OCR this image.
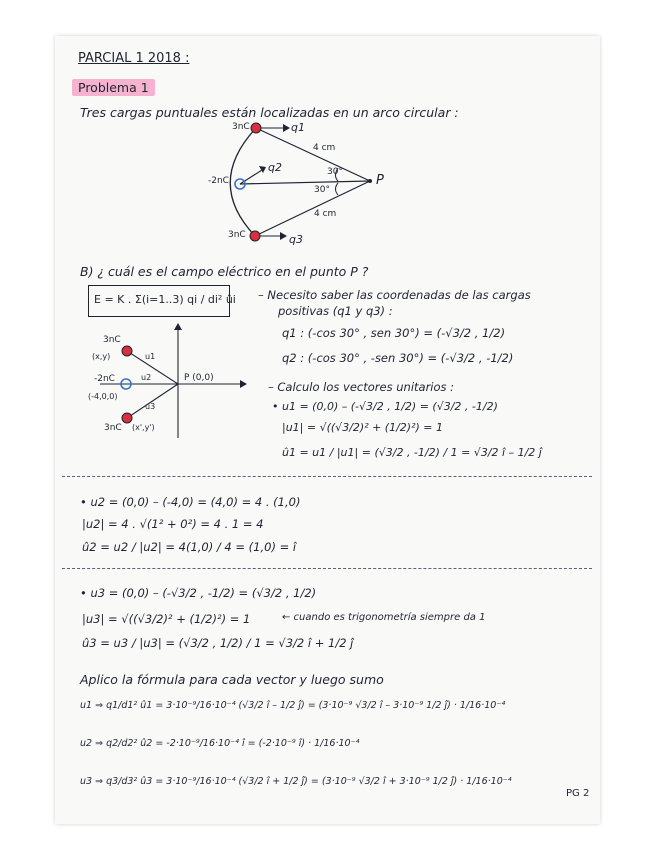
PARCIAL 1 2018 :
Problema 1
Tres cargas puntuales están localizadas en un arco circular :
3nC	q1
-2nC
q2
3nC	q3
4 cm
4 cm
30°
30°
P
B) ¿ cuál es el campo eléctrico en el punto P ?
E = K . Σ(i=1..3) qi / di² ûi – Necesito saber las coordenadas de las cargas
positivas (q1 y q3) :
q1 : (-cos 30° , sen 30°) = (-√3/2 , 1/2)
q2 : (-cos 30° , -sen 30°) = (-√3/2 , -1/2)
– Calculo los vectores unitarios :
3nC
(x,y)
-2nC
(-4,0,0)
3nC (x',y')
P (0,0)
u1
u2
u3	• u1 = (0,0) – (-√3/2 , 1/2) = (√3/2 , -1/2)
|u1| = √((√3/2)² + (1/2)²) = 1
û1 = u1 / |u1| = (√3/2 , -1/2) / 1 = √3/2 î – 1/2 ĵ
• u2 = (0,0) – (-4,0) = (4,0) = 4 . (1,0)
|u2| = 4 . √(1² + 0²) = 4 . 1 = 4
û2 = u2 / |u2| = 4(1,0) / 4 = (1,0) = î
• u3 = (0,0) – (-√3/2 , -1/2) = (√3/2 , 1/2)
|u3| = √((√3/2)² + (1/2)²) = 1	← cuando es trigonometría siempre da 1
û3 = u3 / |u3| = (√3/2 , 1/2) / 1 = √3/2 î + 1/2 ĵ
Aplico la fórmula para cada vector y luego sumo
u1 ⇒ q1/d1² û1 = 3·10⁻⁹/16·10⁻⁴ (√3/2 î – 1/2 ĵ) = (3·10⁻⁹ √3/2 î – 3·10⁻⁹ 1/2 ĵ) · 1/16·10⁻⁴
u2 ⇒ q2/d2² û2 = -2·10⁻⁹/16·10⁻⁴ î = (-2·10⁻⁹ î) · 1/16·10⁻⁴
u3 ⇒ q3/d3² û3 = 3·10⁻⁹/16·10⁻⁴ (√3/2 î + 1/2 ĵ) = (3·10⁻⁹ √3/2 î + 3·10⁻⁹ 1/2 ĵ) · 1/16·10⁻⁴
PG 2
